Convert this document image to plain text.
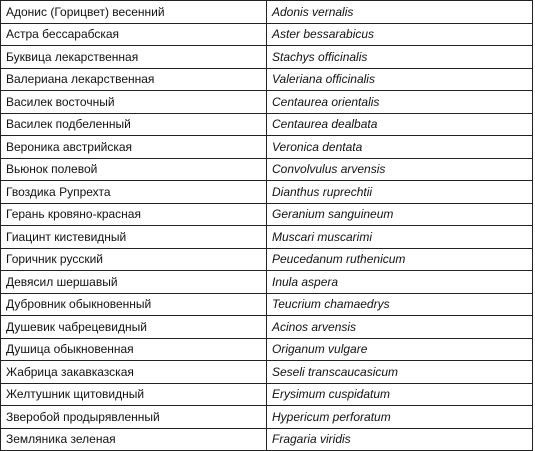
Адонис (Горицвет) весенний	Adonis vernalis
Астра бессарабская	Aster bessarabicus
Буквица лекарственная	Stachys officinalis
Валериана лекарственная	Valeriana officinalis
Василек восточный	Centaurea orientalis
Василек подбеленный	Centaurea dealbata
Вероника австрийская	Veronica dentata
Вьюнок полевой	Convolvulus arvensis
Гвоздика Рупрехта	Dianthus ruprechtii
Герань кровяно-красная	Geranium sanguineum
Гиацинт кистевидный	Muscari muscarimi
Горичник русский	Peucedanum ruthenicum
Девясил шершавый	Inula aspera
Дубровник обыкновенный	Teucrium chamaedrys
Душевик чабрецевидный	Acinos arvensis
Душица обыкновенная	Origanum vulgare
Жабрица закавказская	Seseli transcaucasicum
Желтушник щитовидный	Erysimum cuspidatum
Зверобой продырявленный	Hypericum perforatum
Земляника зеленая	Fragaria viridis
